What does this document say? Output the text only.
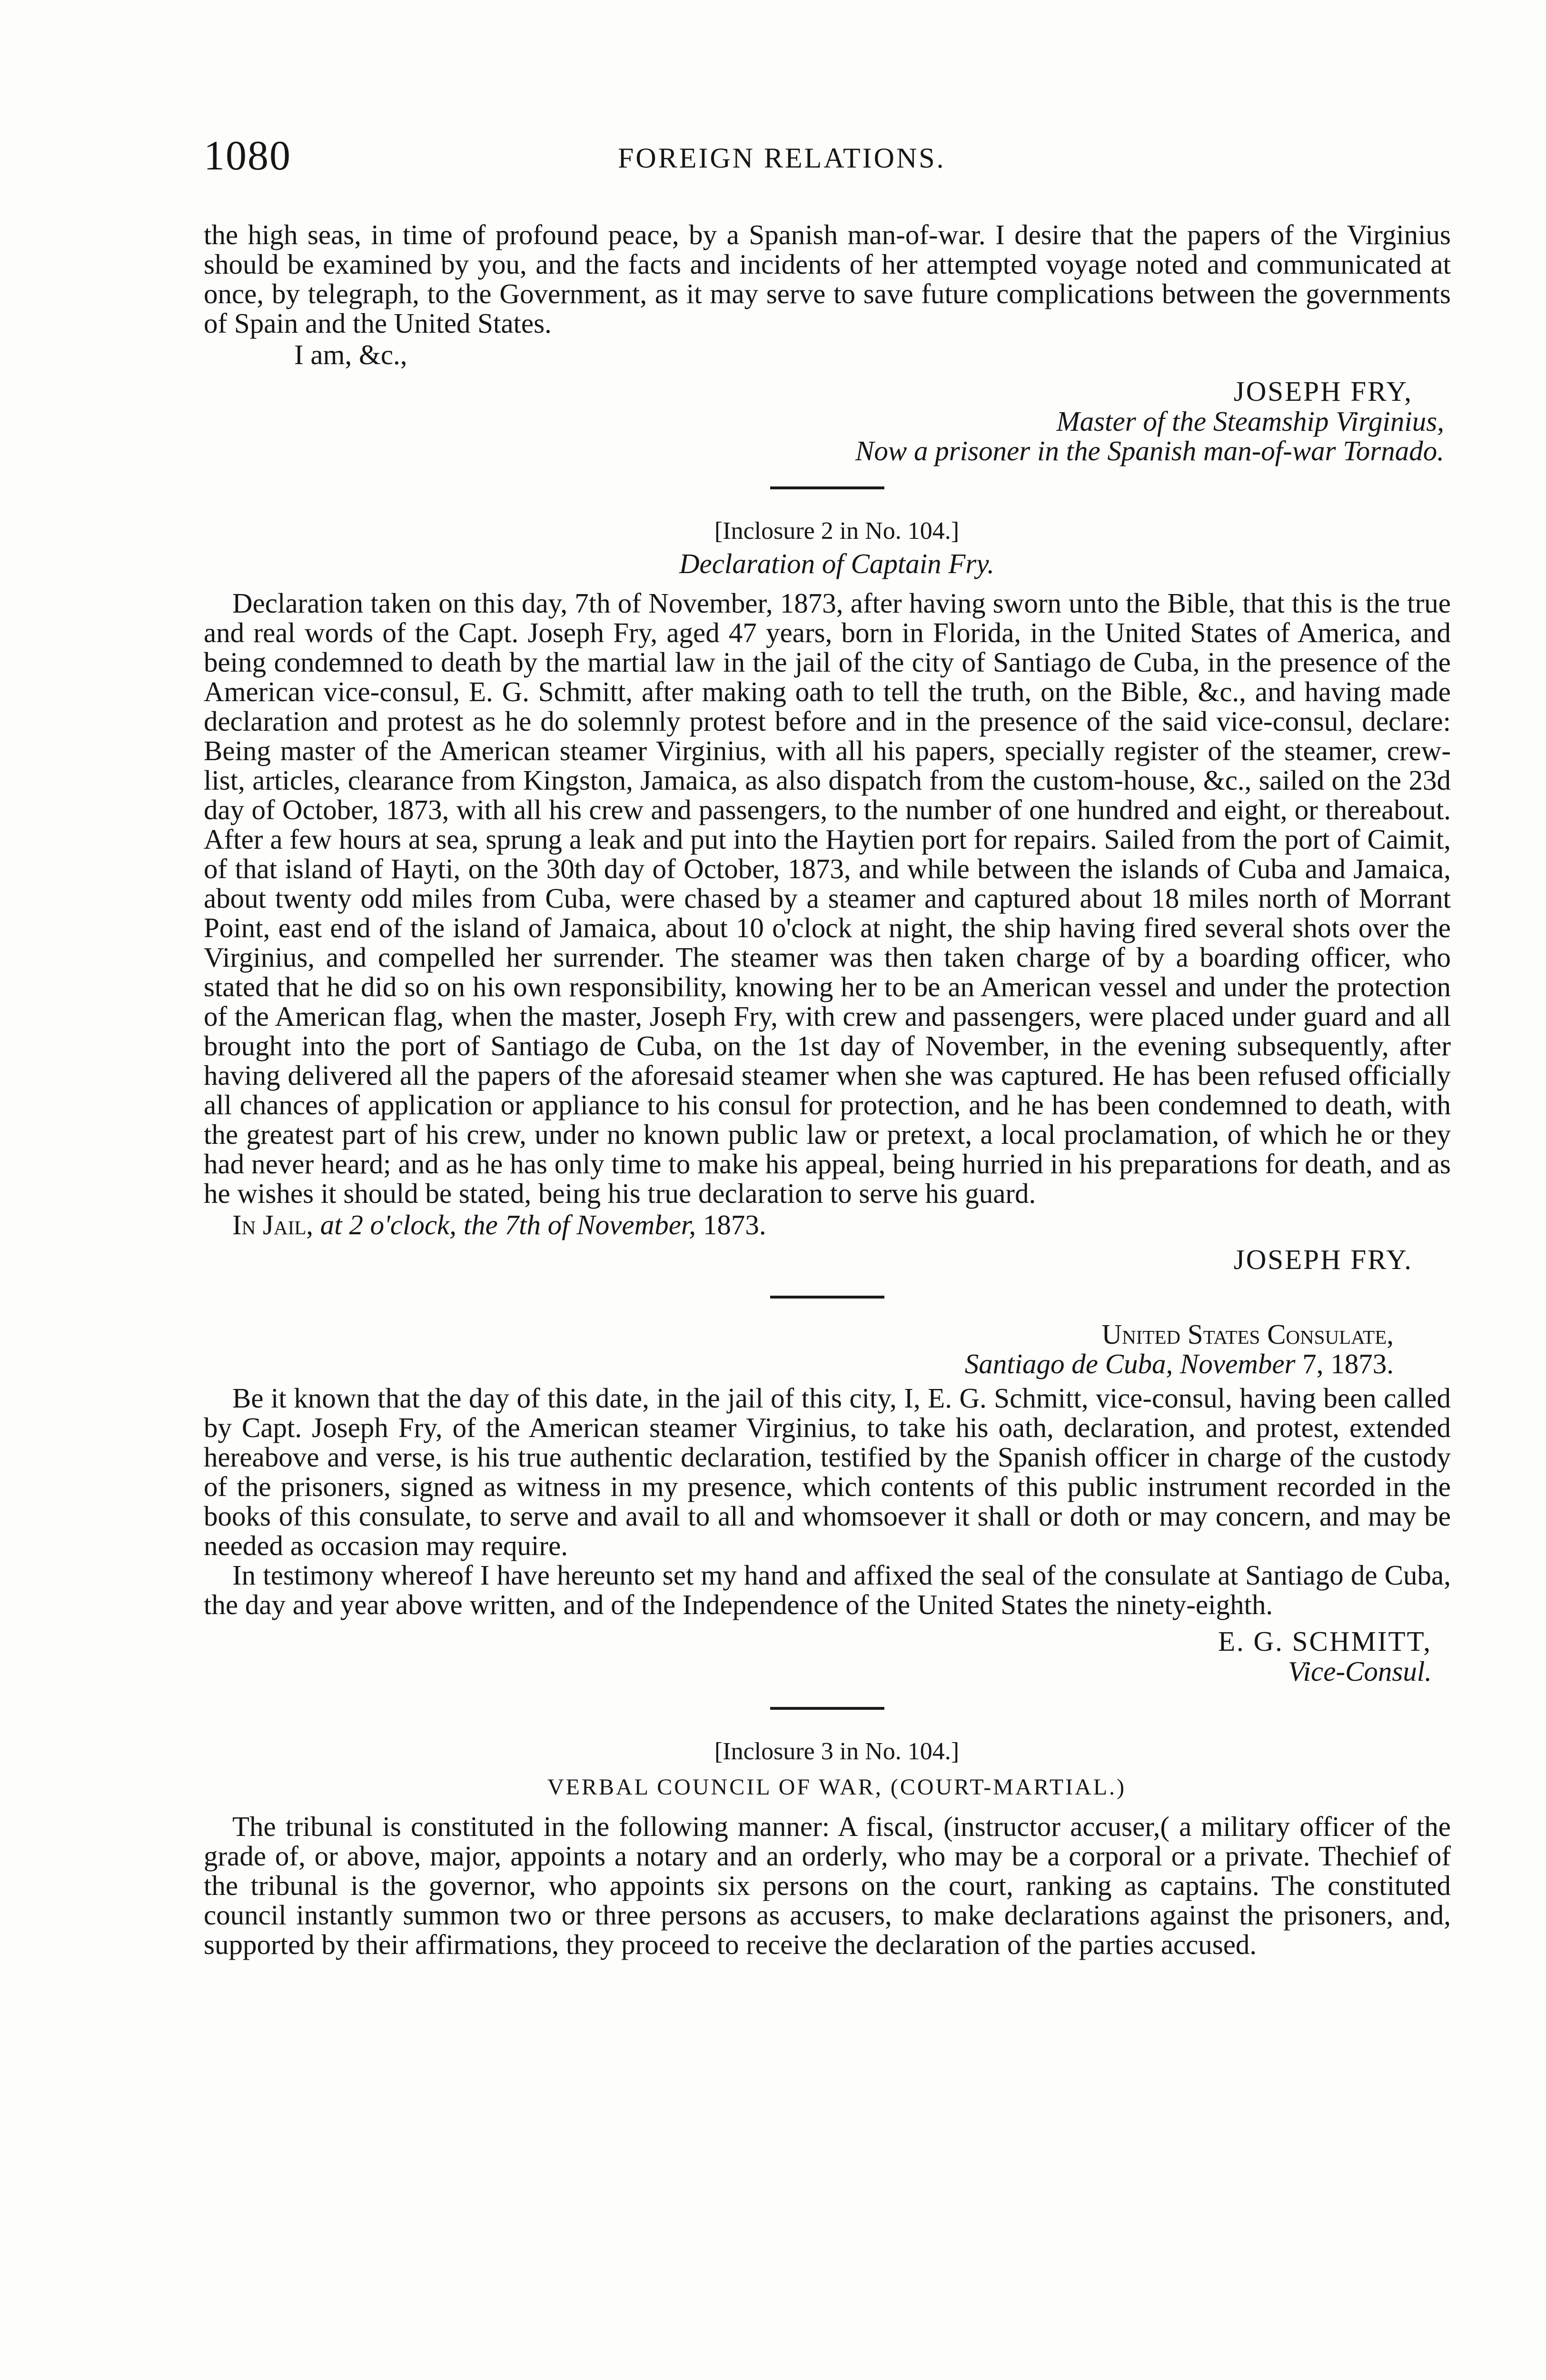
1080	FOREIGN RELATIONS.

the high seas, in time of profound peace, by a Spanish man-of-war. I desire that the papers of the Virginius should be examined by you, and the facts and incidents of her attempted voyage noted and communicated at once, by telegraph, to the Government, as it may serve to save future complications between the governments of Spain and the United States.

I am, &c.,

JOSEPH FRY,

Master of the Steamship Virginius,

Now a prisoner in the Spanish man-of-war Tornado.

[Inclosure 2 in No. 104.]

Declaration of Captain Fry.

Declaration taken on this day, 7th of November, 1873, after having sworn unto the Bible, that this is the true and real words of the Capt. Joseph Fry, aged 47 years, born in Florida, in the United States of America, and being condemned to death by the martial law in the jail of the city of Santiago de Cuba, in the presence of the American vice-consul, E. G. Schmitt, after making oath to tell the truth, on the Bible, &c., and having made declaration and protest as he do solemnly protest before and in the presence of the said vice-consul, declare: Being master of the American steamer Virginius, with all his papers, specially register of the steamer, crew-list, articles, clearance from Kingston, Jamaica, as also dispatch from the custom-house, &c., sailed on the 23d day of October, 1873, with all his crew and passengers, to the number of one hundred and eight, or thereabout. After a few hours at sea, sprung a leak and put into the Haytien port for repairs. Sailed from the port of Caimit, of that island of Hayti, on the 30th day of October, 1873, and while between the islands of Cuba and Jamaica, about twenty odd miles from Cuba, were chased by a steamer and captured about 18 miles north of Morrant Point, east end of the island of Jamaica, about 10 o'clock at night, the ship having fired several shots over the Virginius, and compelled her surrender. The steamer was then taken charge of by a boarding officer, who stated that he did so on his own responsibility, knowing her to be an American vessel and under the protection of the American flag, when the master, Joseph Fry, with crew and passengers, were placed under guard and all brought into the port of Santiago de Cuba, on the 1st day of November, in the evening subsequently, after having delivered all the papers of the aforesaid steamer when she was captured. He has been refused officially all chances of application or appliance to his consul for protection, and he has been condemned to death, with the greatest part of his crew, under no known public law or pretext, a local proclamation, of which he or they had never heard; and as he has only time to make his appeal, being hurried in his preparations for death, and as he wishes it should be stated, being his true declaration to serve his guard.

In Jail, at 2 o'clock, the 7th of November, 1873.

JOSEPH FRY.

United States Consulate,

Santiago de Cuba, November 7, 1873.

Be it known that the day of this date, in the jail of this city, I, E. G. Schmitt, vice-consul, having been called by Capt. Joseph Fry, of the American steamer Virginius, to take his oath, declaration, and protest, extended hereabove and verse, is his true authentic declaration, testified by the Spanish officer in charge of the custody of the prisoners, signed as witness in my presence, which contents of this public instrument recorded in the books of this consulate, to serve and avail to all and whomsoever it shall or doth or may concern, and may be needed as occasion may require.

In testimony whereof I have hereunto set my hand and affixed the seal of the consulate at Santiago de Cuba, the day and year above written, and of the Independence of the United States the ninety-eighth.

E. G. SCHMITT,

Vice-Consul.

[Inclosure 3 in No. 104.]

VERBAL COUNCIL OF WAR, (COURT-MARTIAL.)

The tribunal is constituted in the following manner: A fiscal, (instructor accuser,( a military officer of the grade of, or above, major, appoints a notary and an orderly, who may be a corporal or a private. Thechief of the tribunal is the governor, who appoints six persons on the court, ranking as captains. The constituted council instantly summon two or three persons as accusers, to make declarations against the prisoners, and, supported by their affirmations, they proceed to receive the declaration of the parties accused.
